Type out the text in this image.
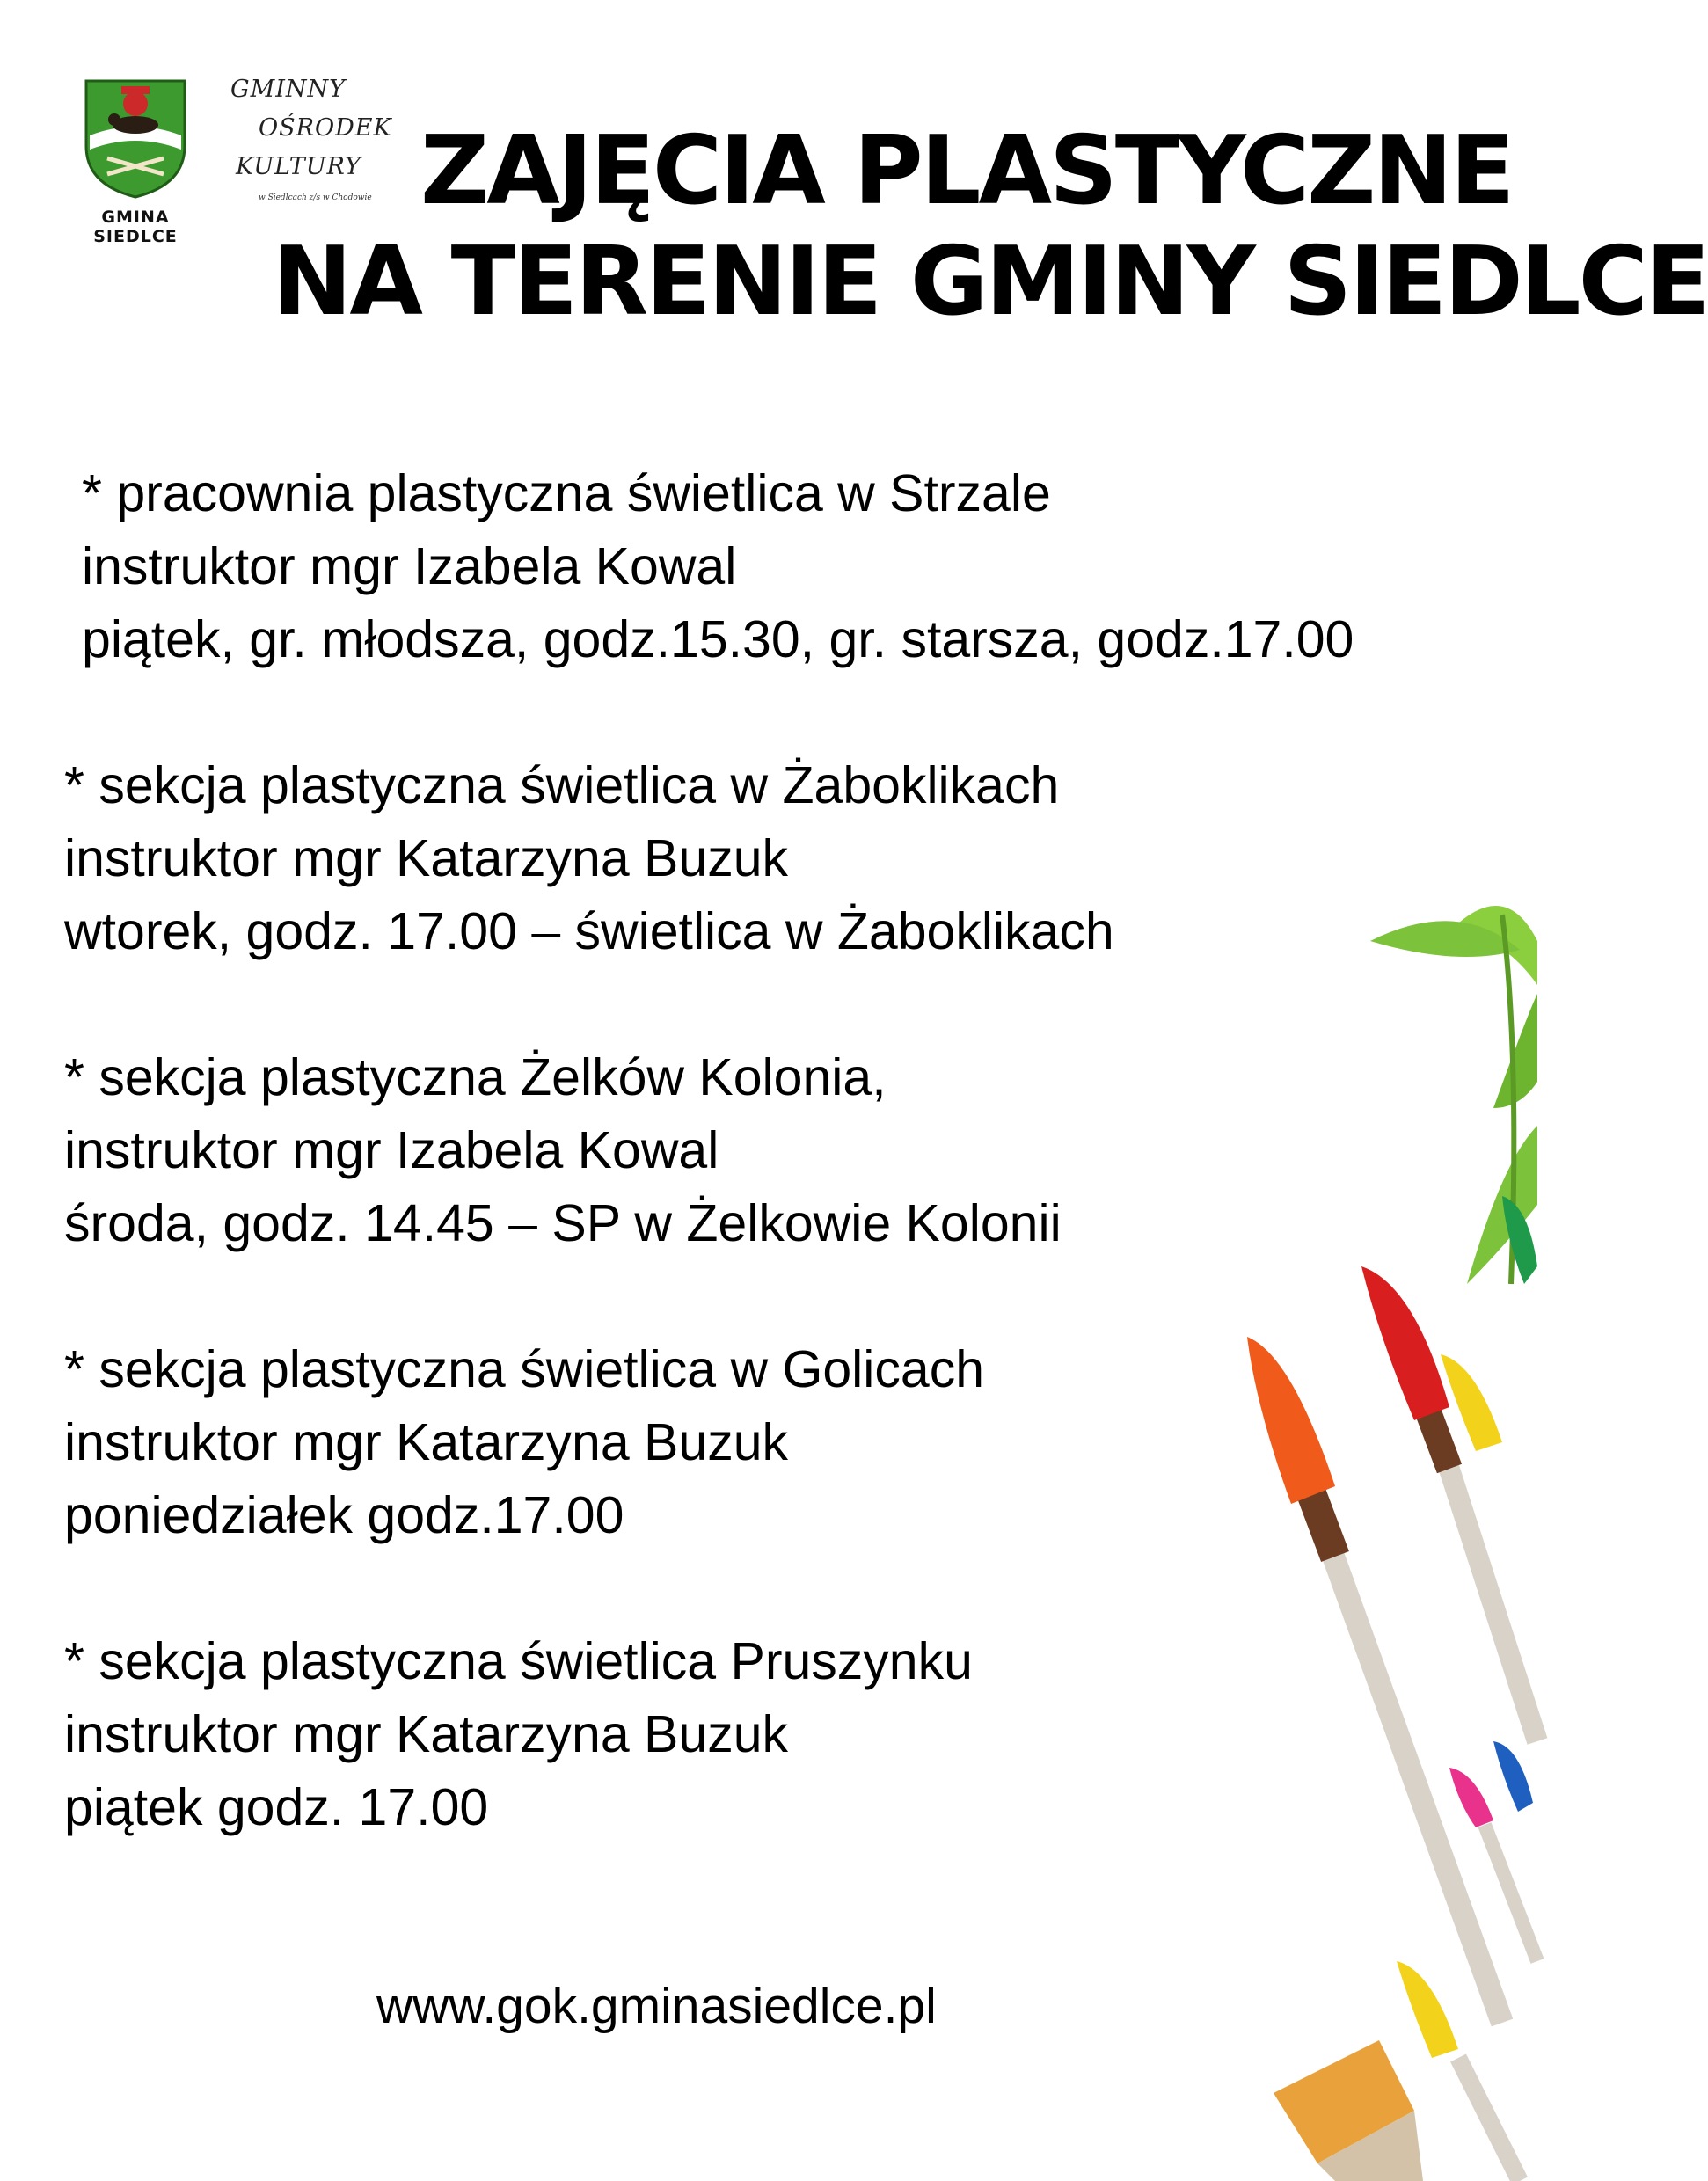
GMINA
SIEDLCE
GMINNY
OŚRODEK
KULTURY
w Siedlcach z/s w Chodowie ZAJĘCIA PLASTYCZNE
NA TERENIE GMINY SIEDLCE
* pracownia plastyczna świetlica w Strzale
instruktor mgr Izabela Kowal
piątek, gr. młodsza, godz.15.30, gr. starsza, godz.17.00
* sekcja plastyczna świetlica w Żaboklikach
instruktor mgr Katarzyna Buzuk
wtorek, godz. 17.00 – świetlica w Żaboklikach
* sekcja plastyczna Żelków Kolonia,
instruktor mgr Izabela Kowal
środa, godz. 14.45 – SP w Żelkowie Kolonii
* sekcja plastyczna świetlica w Golicach
instruktor mgr Katarzyna Buzuk
poniedziałek godz.17.00
* sekcja plastyczna świetlica Pruszynku
instruktor mgr Katarzyna Buzuk
piątek godz. 17.00
www.gok.gminasiedlce.pl
